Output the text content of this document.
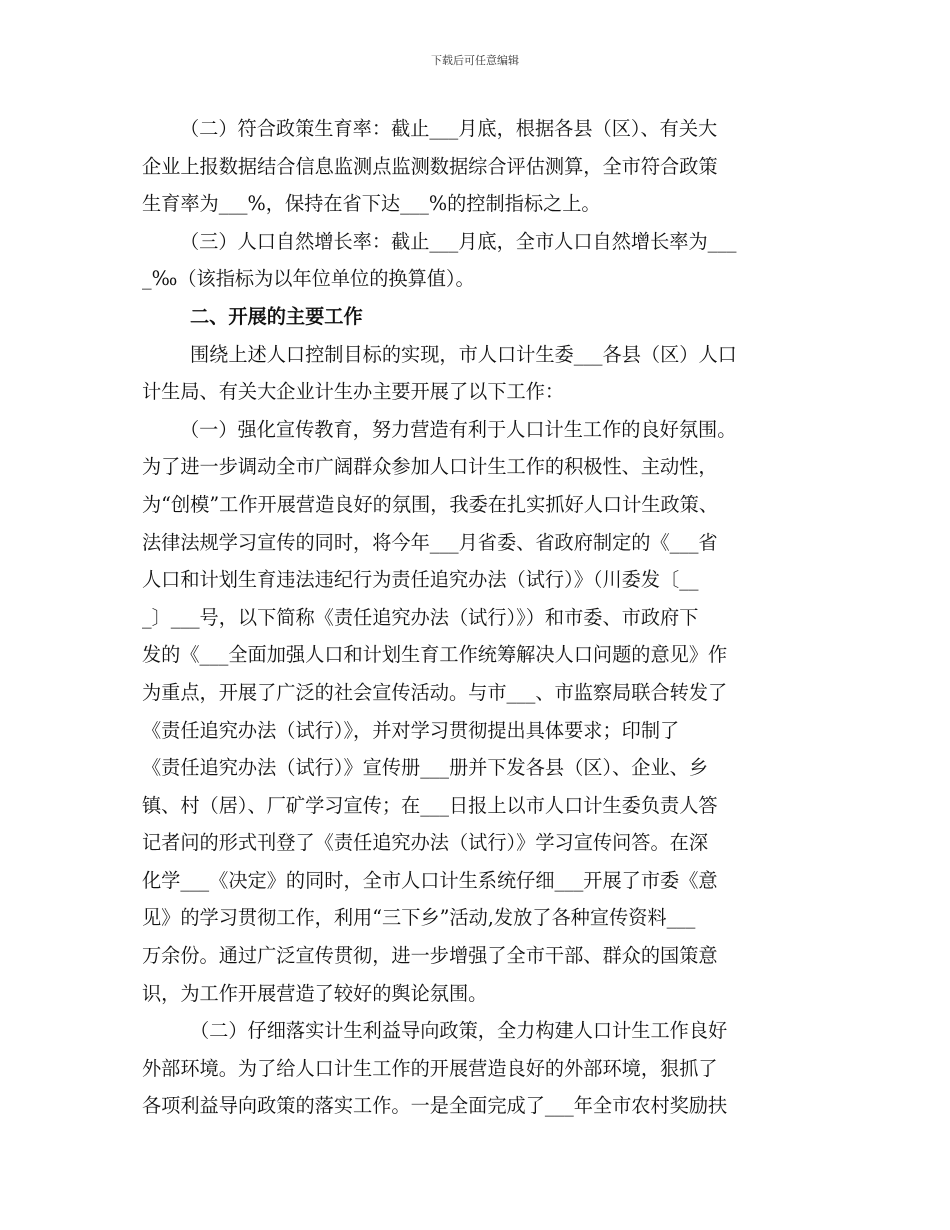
下载后可任意编辑
（二）符合政策生育率：截止___月底，根据各县（区）、有关大
企业上报数据结合信息监测点监测数据综合评估测算，全市符合政策
生育率为___%，保持在省下达___%的控制指标之上。
（三）人口自然增长率：截止___月底，全市人口自然增长率为___
_‰（该指标为以年位单位的换算值）。
二、开展的主要工作
围绕上述人口控制目标的实现，市人口计生委___各县（区）人口
计生局、有关大企业计生办主要开展了以下工作：
（一）强化宣传教育，努力营造有利于人口计生工作的良好氛围。
为了进一步调动全市广阔群众参加人口计生工作的积极性、主动性，
为“创模”工作开展营造良好的氛围，我委在扎实抓好人口计生政策、
法律法规学习宣传的同时，将今年___月省委、省政府制定的《___省
人口和计划生育违法违纪行为责任追究办法（试行）》（川委发〔__
_〕___号，以下简称《责任追究办法（试行）》）和市委、市政府下
发的《___全面加强人口和计划生育工作统筹解决人口问题的意见》作
为重点，开展了广泛的社会宣传活动。与市___、市监察局联合转发了
《责任追究办法（试行）》，并对学习贯彻提出具体要求；印制了
《责任追究办法（试行）》宣传册___册并下发各县（区）、企业、乡
镇、村（居）、厂矿学习宣传；在___日报上以市人口计生委负责人答
记者问的形式刊登了《责任追究办法（试行）》学习宣传问答。在深
化学___《决定》的同时，全市人口计生系统仔细___开展了市委《意
见》的学习贯彻工作，利用“三下乡”活动,发放了各种宣传资料___
万余份。通过广泛宣传贯彻，进一步增强了全市干部、群众的国策意
识，为工作开展营造了较好的舆论氛围。
（二）仔细落实计生利益导向政策，全力构建人口计生工作良好
外部环境。为了给人口计生工作的开展营造良好的外部环境，狠抓了
各项利益导向政策的落实工作。一是全面完成了___年全市农村奖励扶
